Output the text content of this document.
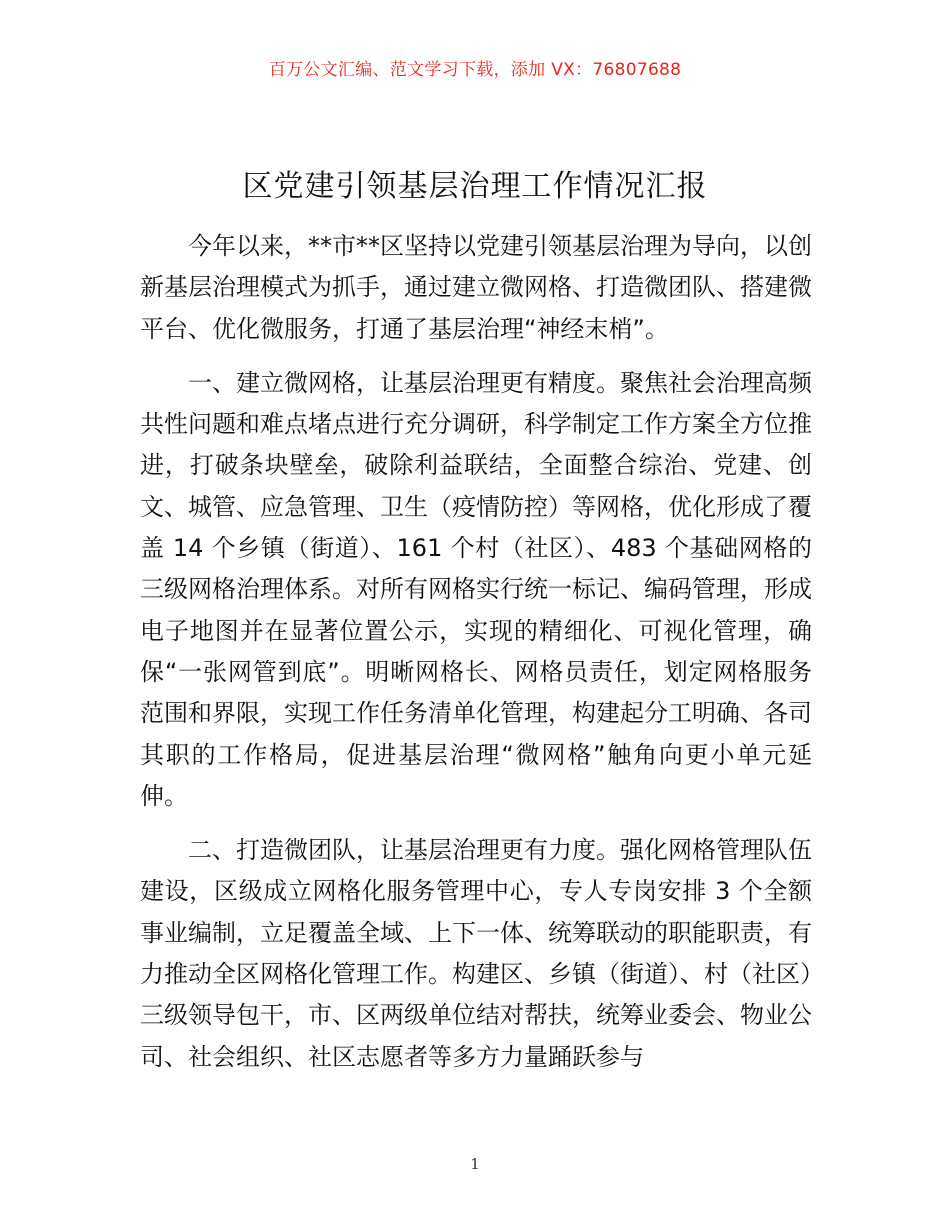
百万公文汇编、范文学习下载，添加 VX：76807688
区党建引领基层治理工作情况汇报

今年以来，**市**区坚持以党建引领基层治理为导向，以创新基层治理模式为抓手，通过建立微网格、打造微团队、搭建微平台、优化微服务，打通了基层治理“神经末梢”。

一、建立微网格，让基层治理更有精度。聚焦社会治理高频共性问题和难点堵点进行充分调研，科学制定工作方案全方位推进，打破条块壁垒，破除利益联结，全面整合综治、党建、创文、城管、应急管理、卫生（疫情防控）等网格，优化形成了覆盖 14 个乡镇（街道）、161 个村（社区）、483 个基础网格的三级网格治理体系。对所有网格实行统一标记、编码管理，形成电子地图并在显著位置公示，实现的精细化、可视化管理，确保“一张网管到底”。明晰网格长、网格员责任，划定网格服务范围和界限，实现工作任务清单化管理，构建起分工明确、各司其职的工作格局，促进基层治理“微网格”触角向更小单元延伸。

二、打造微团队，让基层治理更有力度。强化网格管理队伍建设，区级成立网格化服务管理中心，专人专岗安排 3 个全额事业编制，立足覆盖全域、上下一体、统筹联动的职能职责，有力推动全区网格化管理工作。构建区、乡镇（街道）、村（社区）三级领导包干，市、区两级单位结对帮扶，统筹业委会、物业公司、社会组织、社区志愿者等多方力量踊跃参与

1
